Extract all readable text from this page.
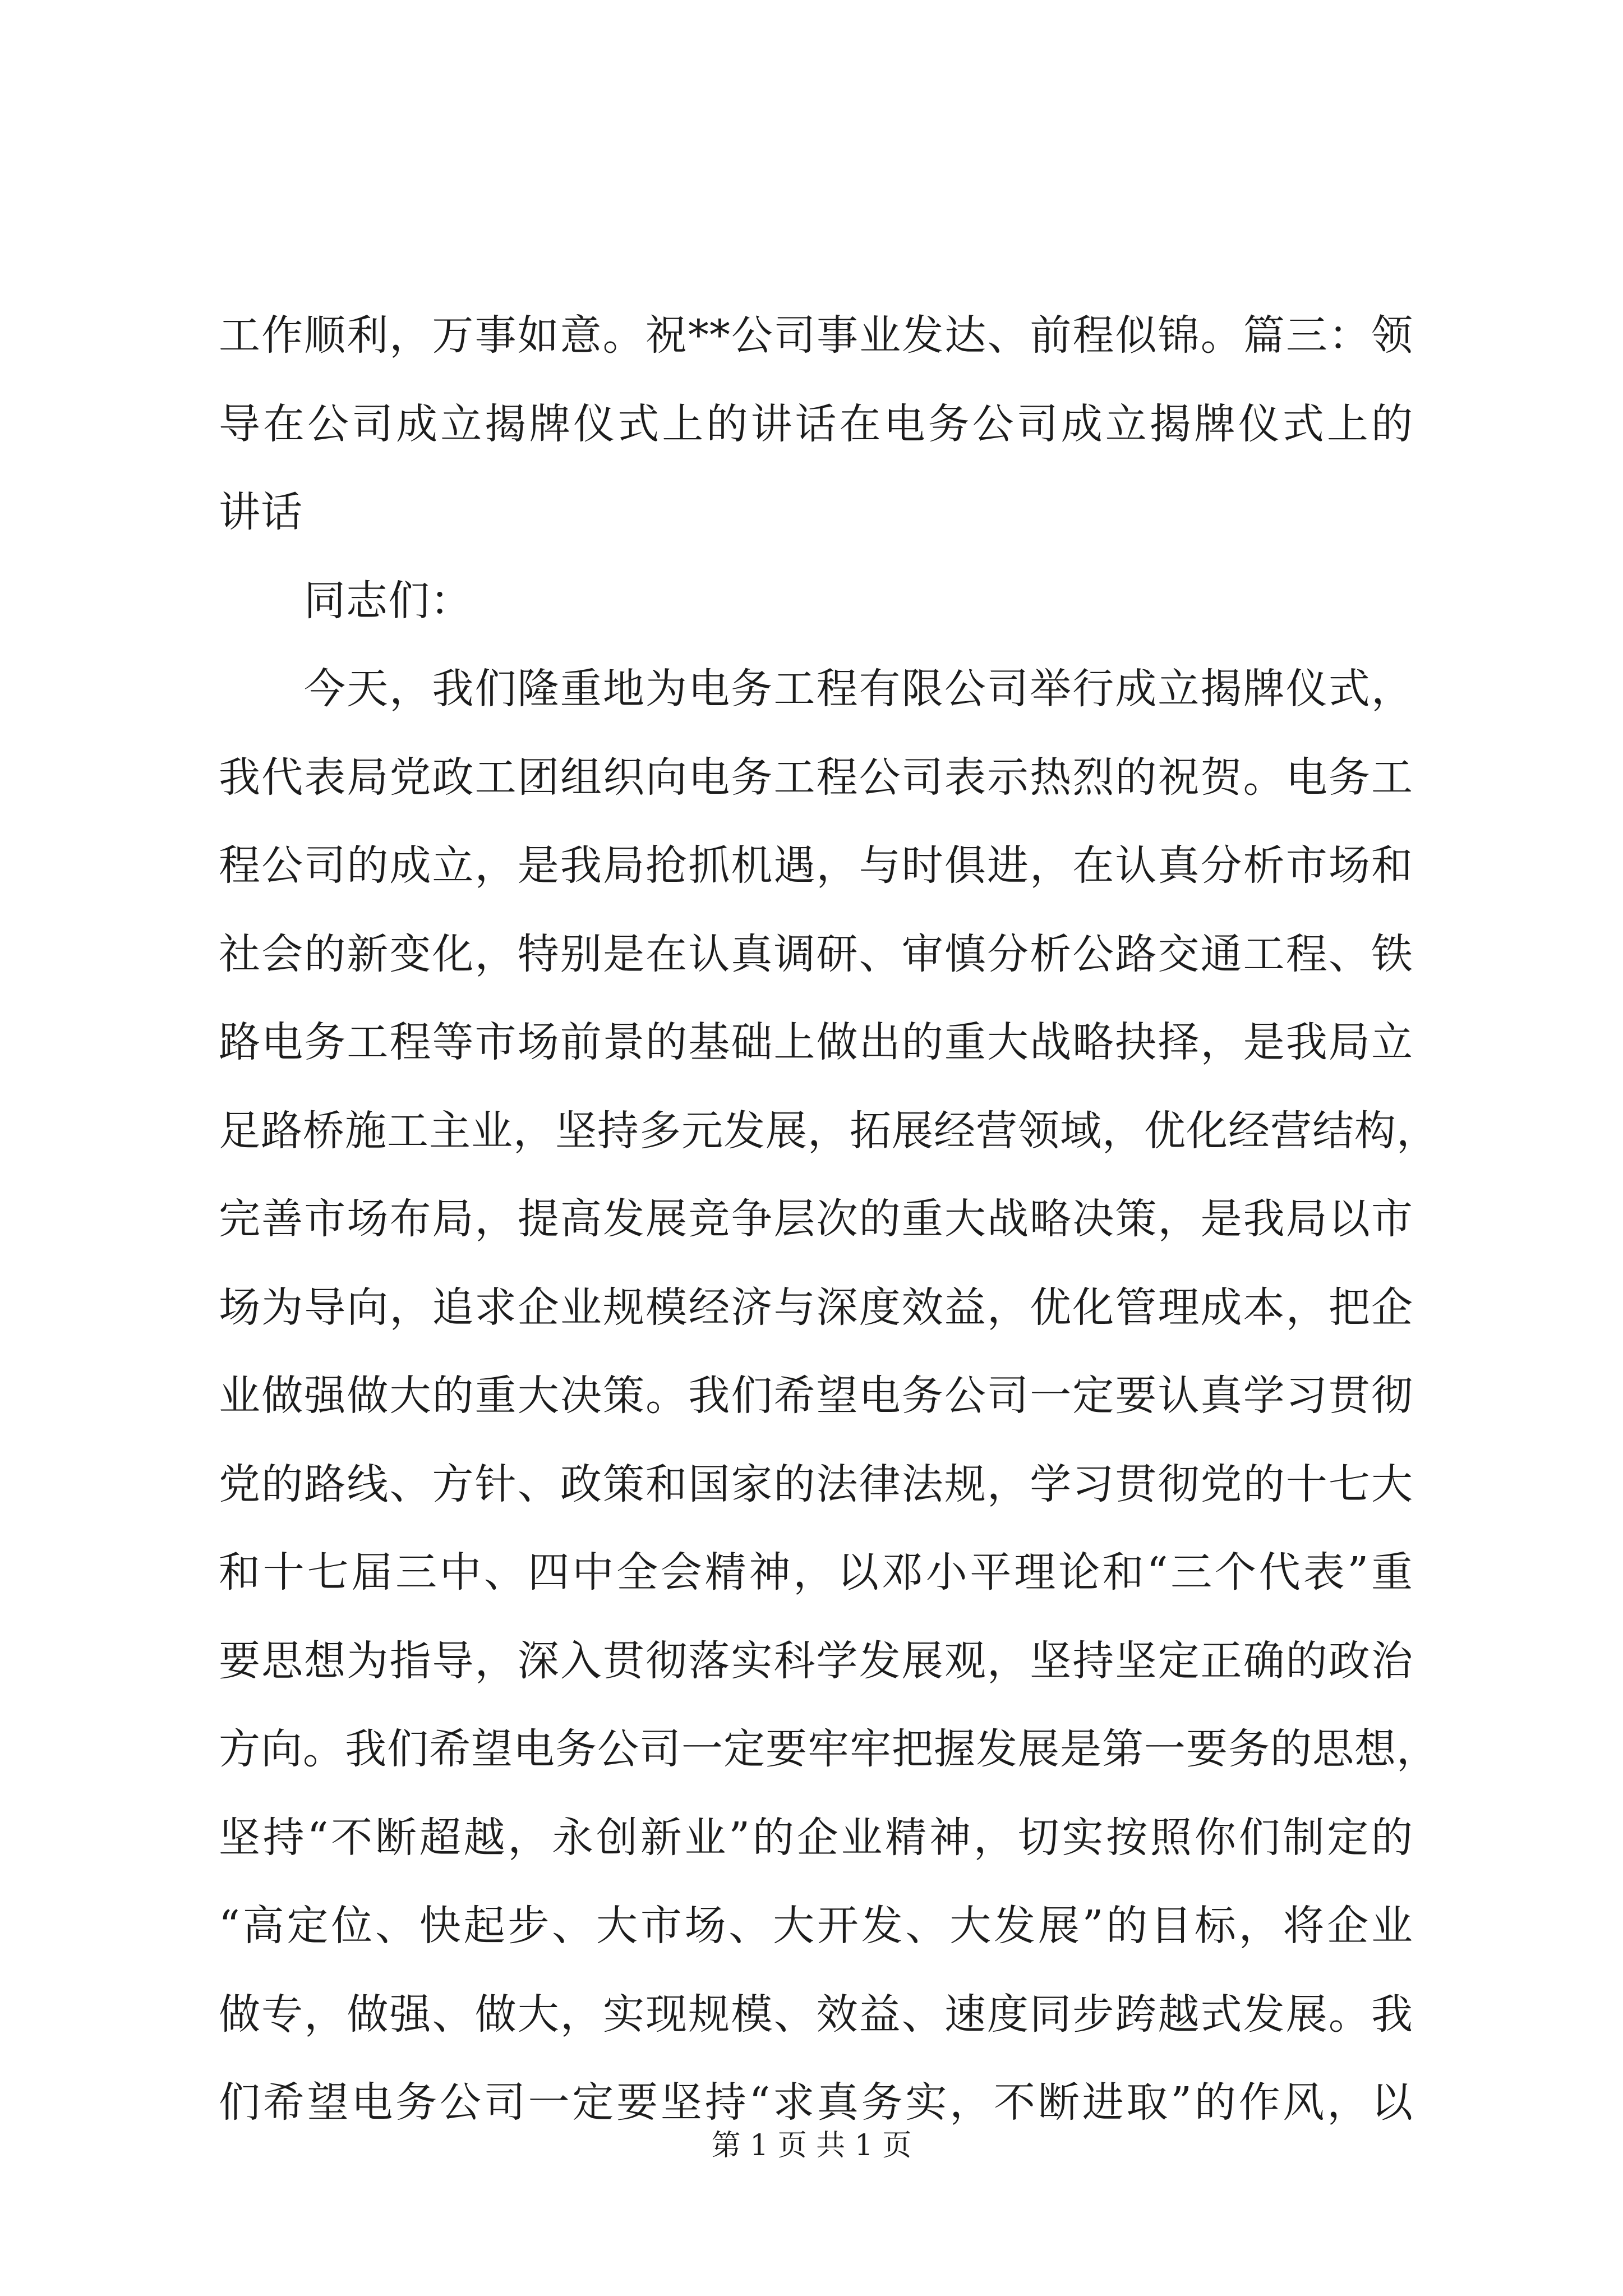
工作顺利，万事如意。祝**公司事业发达、前程似锦。篇三：领
导在公司成立揭牌仪式上的讲话在电务公司成立揭牌仪式上的
讲话
同志们：
今天，我们隆重地为电务工程有限公司举行成立揭牌仪式，
我代表局党政工团组织向电务工程公司表示热烈的祝贺。电务工
程公司的成立，是我局抢抓机遇，与时俱进，在认真分析市场和
社会的新变化，特别是在认真调研、审慎分析公路交通工程、铁
路电务工程等市场前景的基础上做出的重大战略抉择，是我局立
足路桥施工主业，坚持多元发展，拓展经营领域，优化经营结构，
完善市场布局，提高发展竞争层次的重大战略决策，是我局以市
场为导向，追求企业规模经济与深度效益，优化管理成本，把企
业做强做大的重大决策。我们希望电务公司一定要认真学习贯彻
党的路线、方针、政策和国家的法律法规，学习贯彻党的十七大
和十七届三中、四中全会精神，以邓小平理论和“三个代表”重
要思想为指导，深入贯彻落实科学发展观，坚持坚定正确的政治
方向。我们希望电务公司一定要牢牢把握发展是第一要务的思想，
坚持“不断超越，永创新业”的企业精神，切实按照你们制定的
“高定位、快起步、大市场、大开发、大发展”的目标，将企业
做专，做强、做大，实现规模、效益、速度同步跨越式发展。我
们希望电务公司一定要坚持“求真务实，不断进取”的作风，以
第 1 页 共 1 页
